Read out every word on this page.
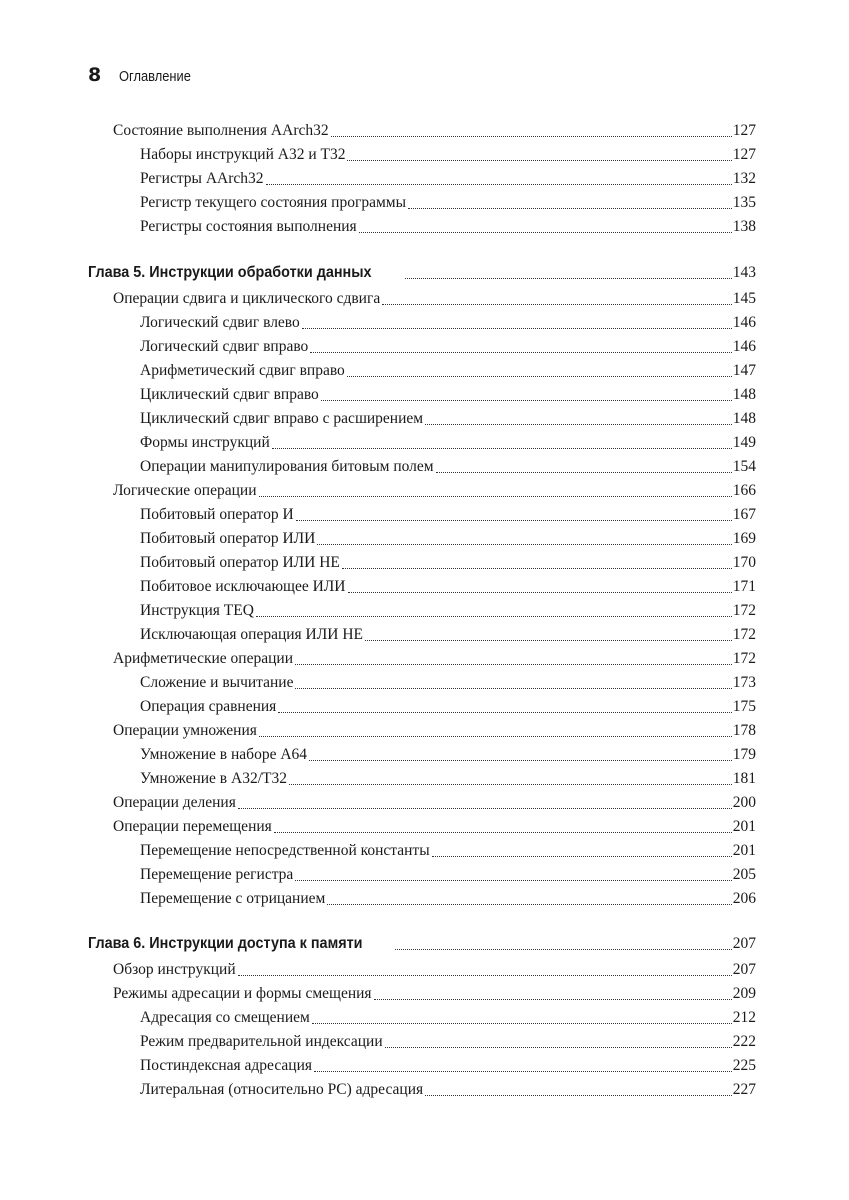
8 Оглавление
Состояние выполнения AArch32	127
Наборы инструкций A32 и T32	127
Регистры AArch32	132
Регистр текущего состояния программы	135
Регистры состояния выполнения	138
Глава 5. Инструкции обработки данных	143
Операции сдвига и циклического сдвига	145
Логический сдвиг влево	146
Логический сдвиг вправо	146
Арифметический сдвиг вправо	147
Циклический сдвиг вправо	148
Циклический сдвиг вправо с расширением	148
Формы инструкций	149
Операции манипулирования битовым полем	154
Логические операции	166
Побитовый оператор И	167
Побитовый оператор ИЛИ	169
Побитовый оператор ИЛИ НЕ	170
Побитовое исключающее ИЛИ	171
Инструкция TEQ	172
Исключающая операция ИЛИ НЕ	172
Арифметические операции	172
Сложение и вычитание	173
Операция сравнения	175
Операции умножения	178
Умножение в наборе A64	179
Умножение в A32/T32	181
Операции деления	200
Операции перемещения	201
Перемещение непосредственной константы	201
Перемещение регистра	205
Перемещение с отрицанием	206
Глава 6. Инструкции доступа к памяти	207
Обзор инструкций	207
Режимы адресации и формы смещения	209
Адресация со смещением	212
Режим предварительной индексации	222
Постиндексная адресация	225
Литеральная (относительно PC) адресация	227
